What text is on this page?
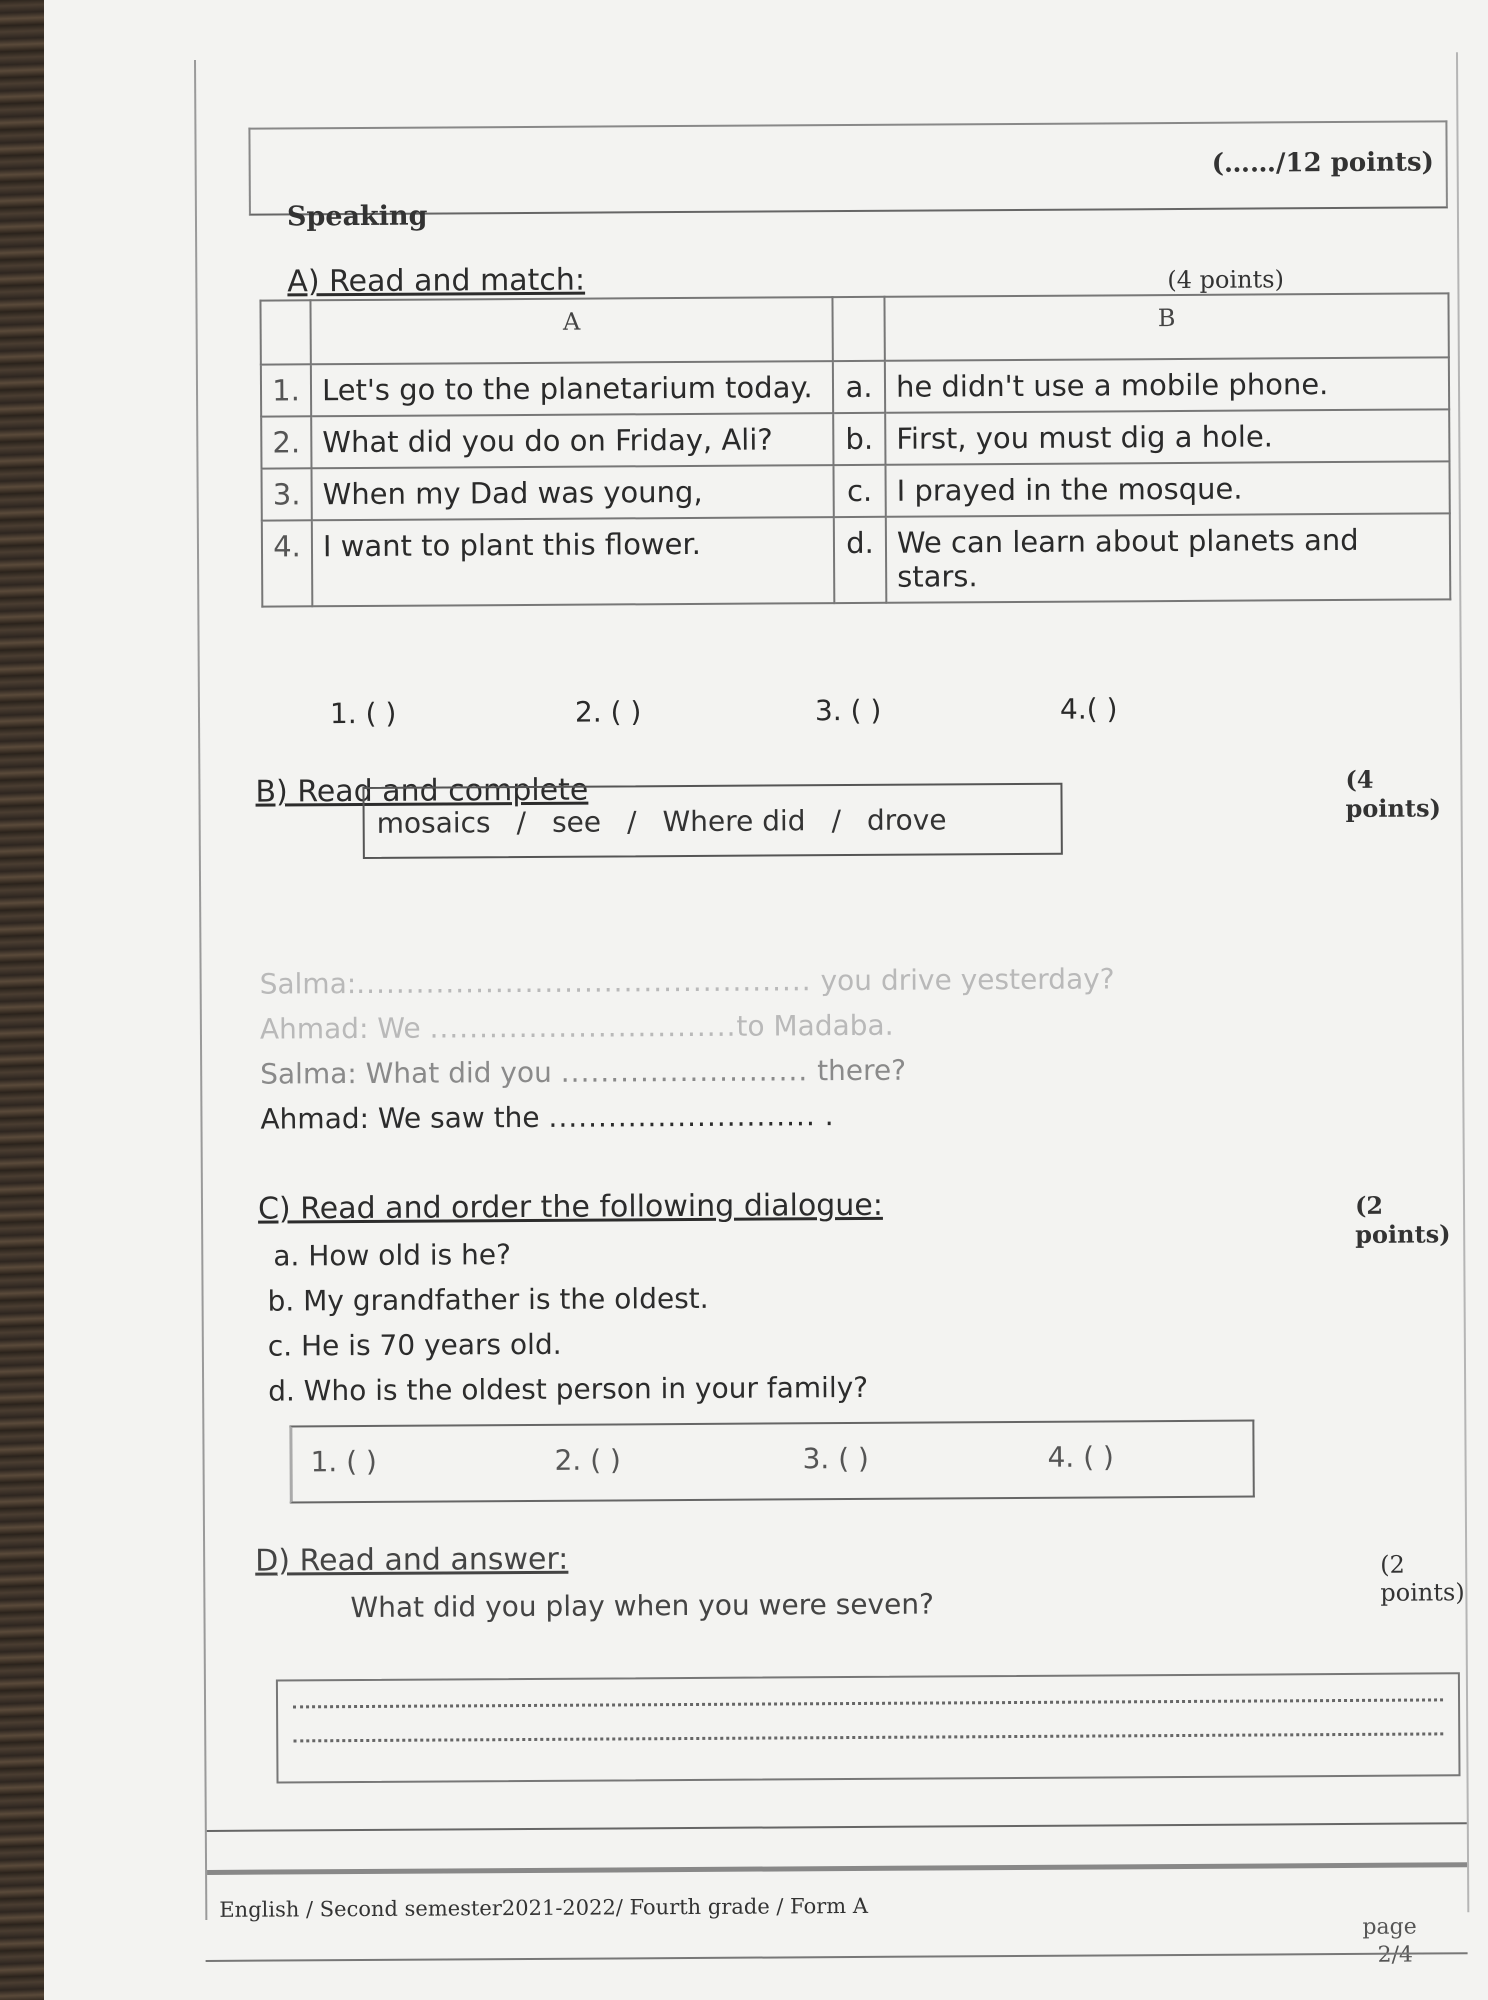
(……/12 points)
Speaking
A) Read and match:	(4 points)
	A		B
1.	Let's go to the planetarium today.	a.	he didn't use a mobile phone.
2.	What did you do on Friday, Ali?	b.	First, you must dig a hole.
3.	When my Dad was young,	c.	I prayed in the mosque.
4.	I want to plant this flower.	d.	We can learn about planets and stars.
1. ( )	2. ( )	3. ( )	4.( )
B) Read and complete	(4 points)
mosaics / see / Where did / drove
Salma:.............................................. you drive yesterday?
Ahmad: We ...............................to Madaba.
Salma: What did you ......................... there?
Ahmad: We saw the ........................... .
C) Read and order the following dialogue:	(2 points)
a. How old is he?
b. My grandfather is the oldest.
c. He is 70 years old.
d. Who is the oldest person in your family?
1. ( )	2. ( )	3. ( )	4. ( )
D) Read and answer:	(2 points)
What did you play when you were seven?
English / Second semester2021-2022/ Fourth grade / Form A
page
2/4
